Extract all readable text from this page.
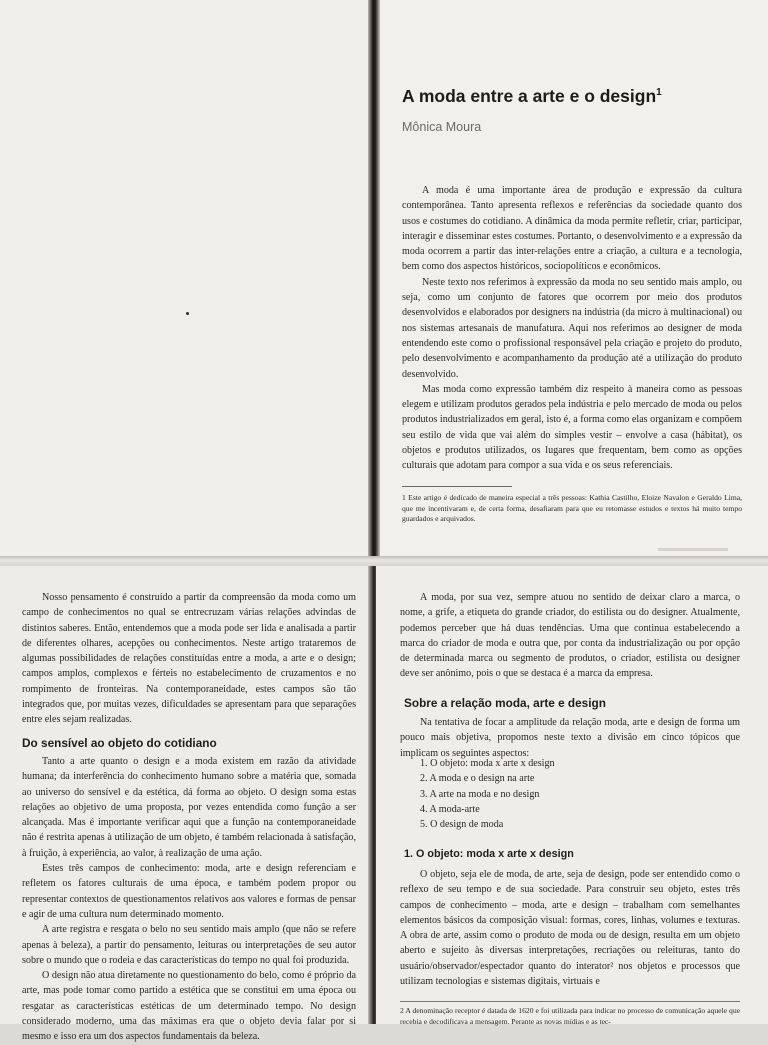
A moda entre a arte e o design$^1$

Mônica Moura

A moda é uma importante área de produção e expressão da cultura contemporânea. Tanto apresenta reflexos e referências da sociedade quanto dos usos e costumes do cotidiano. A dinâmica da moda permite refletir, criar, participar, interagir e disseminar estes costumes. Portanto, o desenvolvimento e a expressão da moda ocorrem a partir das inter-relações entre a criação, a cultura e a tecnologia, bem como dos aspectos históricos, sociopolíticos e econômicos.

Neste texto nos referimos à expressão da moda no seu sentido mais amplo, ou seja, como um conjunto de fatores que ocorrem por meio dos produtos desenvolvidos e elaborados por designers na indústria (da micro à multinacional) ou nos sistemas artesanais de manufatura. Aqui nos referimos ao designer de moda entendendo este como o profissional responsável pela criação e projeto do produto, pelo desenvolvimento e acompanhamento da produção até a utilização do produto desenvolvido.

Mas moda como expressão também diz respeito à maneira como as pessoas elegem e utilizam produtos gerados pela indústria e pelo mercado de moda ou pelos produtos industrializados em geral, isto é, a forma como elas organizam e compõem seu estilo de vida que vai além do simples vestir – envolve a casa (hábitat), os objetos e produtos utilizados, os lugares que frequentam, bem como as opções culturais que adotam para compor a sua vida e os seus referenciais.

1 Este artigo é dedicado de maneira especial a três pessoas: Kathia Castilho, Eloize Navalon e Geraldo Lima, que me incentivaram e, de certa forma, desafiaram para que eu retomasse estudos e textos há muito tempo guardados e arquivados.

Nosso pensamento é construído a partir da compreensão da moda como um campo de conhecimentos no qual se entrecruzam várias relações advindas de distintos saberes. Então, entendemos que a moda pode ser lida e analisada a partir de diferentes olhares, acepções ou conhecimentos. Neste artigo trataremos de algumas possibilidades de relações constituídas entre a moda, a arte e o design; campos amplos, complexos e férteis no estabelecimento de cruzamentos e no rompimento de fronteiras. Na contemporaneidade, estes campos são tão integrados que, por muitas vezes, dificuldades se apresentam para que separações entre eles sejam realizadas.

Do sensível ao objeto do cotidiano

Tanto a arte quanto o design e a moda existem em razão da atividade humana; da interferência do conhecimento humano sobre a matéria que, somada ao universo do sensível e da estética, dá forma ao objeto. O design soma estas relações ao objetivo de uma proposta, por vezes entendida como função a ser alcançada. Mas é importante verificar aqui que a função na contemporaneidade não é restrita apenas à utilização de um objeto, é também relacionada à satisfação, à fruição, à experiência, ao valor, à realização de uma ação.

Estes três campos de conhecimento: moda, arte e design referenciam e refletem os fatores culturais de uma época, e também podem propor ou representar contextos de questionamentos relativos aos valores e formas de pensar e agir de uma cultura num determinado momento.

A arte registra e resgata o belo no seu sentido mais amplo (que não se refere apenas à beleza), a partir do pensamento, leituras ou interpretações de seu autor sobre o mundo que o rodeia e das características do tempo no qual foi produzida.

O design não atua diretamente no questionamento do belo, como é próprio da arte, mas pode tomar como partido a estética que se constitui em uma época ou resgatar as características estéticas de um determinado tempo. No design considerado moderno, uma das máximas era que o objeto devia falar por si mesmo e isso era um dos aspectos fundamentais da beleza.

A moda, por sua vez, sempre atuou no sentido de deixar claro a marca, o nome, a grife, a etiqueta do grande criador, do estilista ou do designer. Atualmente, podemos perceber que há duas tendências. Uma que continua estabelecendo a marca do criador de moda e outra que, por conta da industrialização ou por opção de determinada marca ou segmento de produtos, o criador, estilista ou designer deve ser anônimo, pois o que se destaca é a marca da empresa.

Sobre a relação moda, arte e design

Na tentativa de focar a amplitude da relação moda, arte e design de forma um pouco mais objetiva, propomos neste texto a divisão em cinco tópicos que implicam os seguintes aspectos:

1. O objeto: moda x arte x design
2. A moda e o design na arte
3. A arte na moda e no design
4. A moda-arte
5. O design de moda
1. O objeto: moda x arte x design

O objeto, seja ele de moda, de arte, seja de design, pode ser entendido como o reflexo de seu tempo e de sua sociedade. Para construir seu objeto, estes três campos de conhecimento – moda, arte e design – trabalham com semelhantes elementos básicos da composição visual: formas, cores, linhas, volumes e texturas. A obra de arte, assim como o produto de moda ou de design, resulta em um objeto aberto e sujeito às diversas interpretações, recriações ou releituras, tanto do usuário/observador/espectador quanto do interator² nos objetos e processos que utilizam tecnologias e sistemas digitais, virtuais e

2 A denominação receptor é datada de 1620 e foi utilizada para indicar no processo de comunicação aquele que recebia e decodificava a mensagem. Perante as novas mídias e as tec-
